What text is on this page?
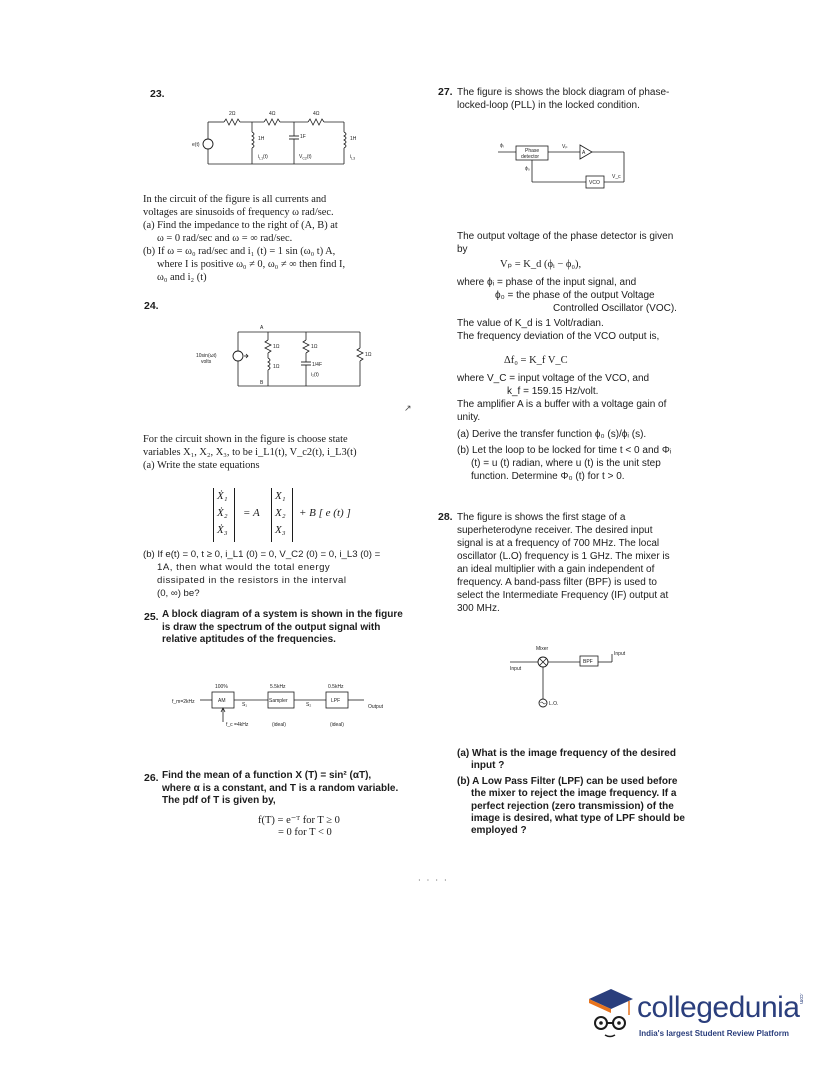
23.
e(t)
2Ω	4Ω	4Ω
1H
$i_{L1}(t)$
1F
$V_{C2}(t)$
1H
$i_{L3}$
In the circuit of the figure is all currents and
voltages are sinusoids of frequency ω rad/sec.
(a) Find the impedance to the right of (A, B) at
ω = 0 rad/sec and ω = ∞ rad/sec.
(b) If ω = ω₀ rad/sec and i₁ (t) = 1 sin (ω₀ t) A,
where I is positive ω₀ ≠ 0, ω₀ ≠ ∞ then find I,
ω₀ and i₂ (t)
24.
10sin(ωt)
volts
A
B
1Ω
1Ω
1Ω
1/4F
i₂(t)
1Ω
↗
For the circuit shown in the figure is choose state
variables X₁, X₂, X₃, to be i_L1(t), V_c2(t), i_L3(t)
(a) Write the state equations
Ẋ₁
Ẋ₂
Ẋ₃
= A
X₁
X₂
X₃
+ B [ e (t) ]
(b) If e(t) = 0, t ≥ 0, i_L1 (0) = 0, V_C2 (0) = 0, i_L3 (0) =
1A, then what would the total energy
dissipated in the resistors in the interval
(0, ∞) be?
25. A block diagram of a system is shown in the figure
is draw the spectrum of the output signal with
relative aptitudes of the frequencies.
f_m=2kHz
100%
AM
S₁
5.5kHz
Sampler
S₂
0.5kHz
LPF
Output
f_c =4kHz	(ideal)	(ideal)
26. Find the mean of a function X (T) = sin² (αT),
where α is a constant, and T is a random variable.
The pdf of T is given by,
f(T) = e⁻ᵀ for T ≥ 0
= 0 for T < 0
27. The figure is shows the block diagram of phase-
locked-loop (PLL) in the locked condition.
ϕᵢ
Phase
detector
Vₚ
A
V_c
VCO
ϕ₀
The output voltage of the phase detector is given
by
Vₚ = K_d (ϕᵢ − ϕ₀),
where ϕᵢ = phase of the input signal, and
ϕ₀ = the phase of the output Voltage
Controlled Oscillator (VOC).
The value of K_d is 1 Volt/radian.
The frequency deviation of the VCO output is,
Δf₀ = K_f V_C
where V_C = input voltage of the VCO, and
k_f = 159.15 Hz/volt.
The amplifier A is a buffer with a voltage gain of
unity.
(a) Derive the transfer function ϕ₀ (s)/ϕᵢ (s).
(b) Let the loop to be locked for time t < 0 and Φᵢ
(t) = u (t) radian, where u (t) is the unit step
function. Determine Φ₀ (t) for t > 0.
28. The figure is shows the first stage of a
superheterodyne receiver. The desired input
signal is at a frequency of 700 MHz. The local
oscillator (L.O) frequency is 1 GHz. The mixer is
an ideal multiplier with a gain independent of
frequency. A band-pass filter (BPF) is used to
select the Intermediate Frequency (IF) output at
300 MHz.
Mixer
Input
BPF
Input
L.O.
(a) What is the image frequency of the desired
input ?
(b) A Low Pass Filter (LPF) can be used before
the mixer to reject the image frequency. If a
perfect rejection (zero transmission) of the
image is desired, what type of LPF should be
employed ?
· · · ·
collegedunia
.com
India's largest Student Review Platform
